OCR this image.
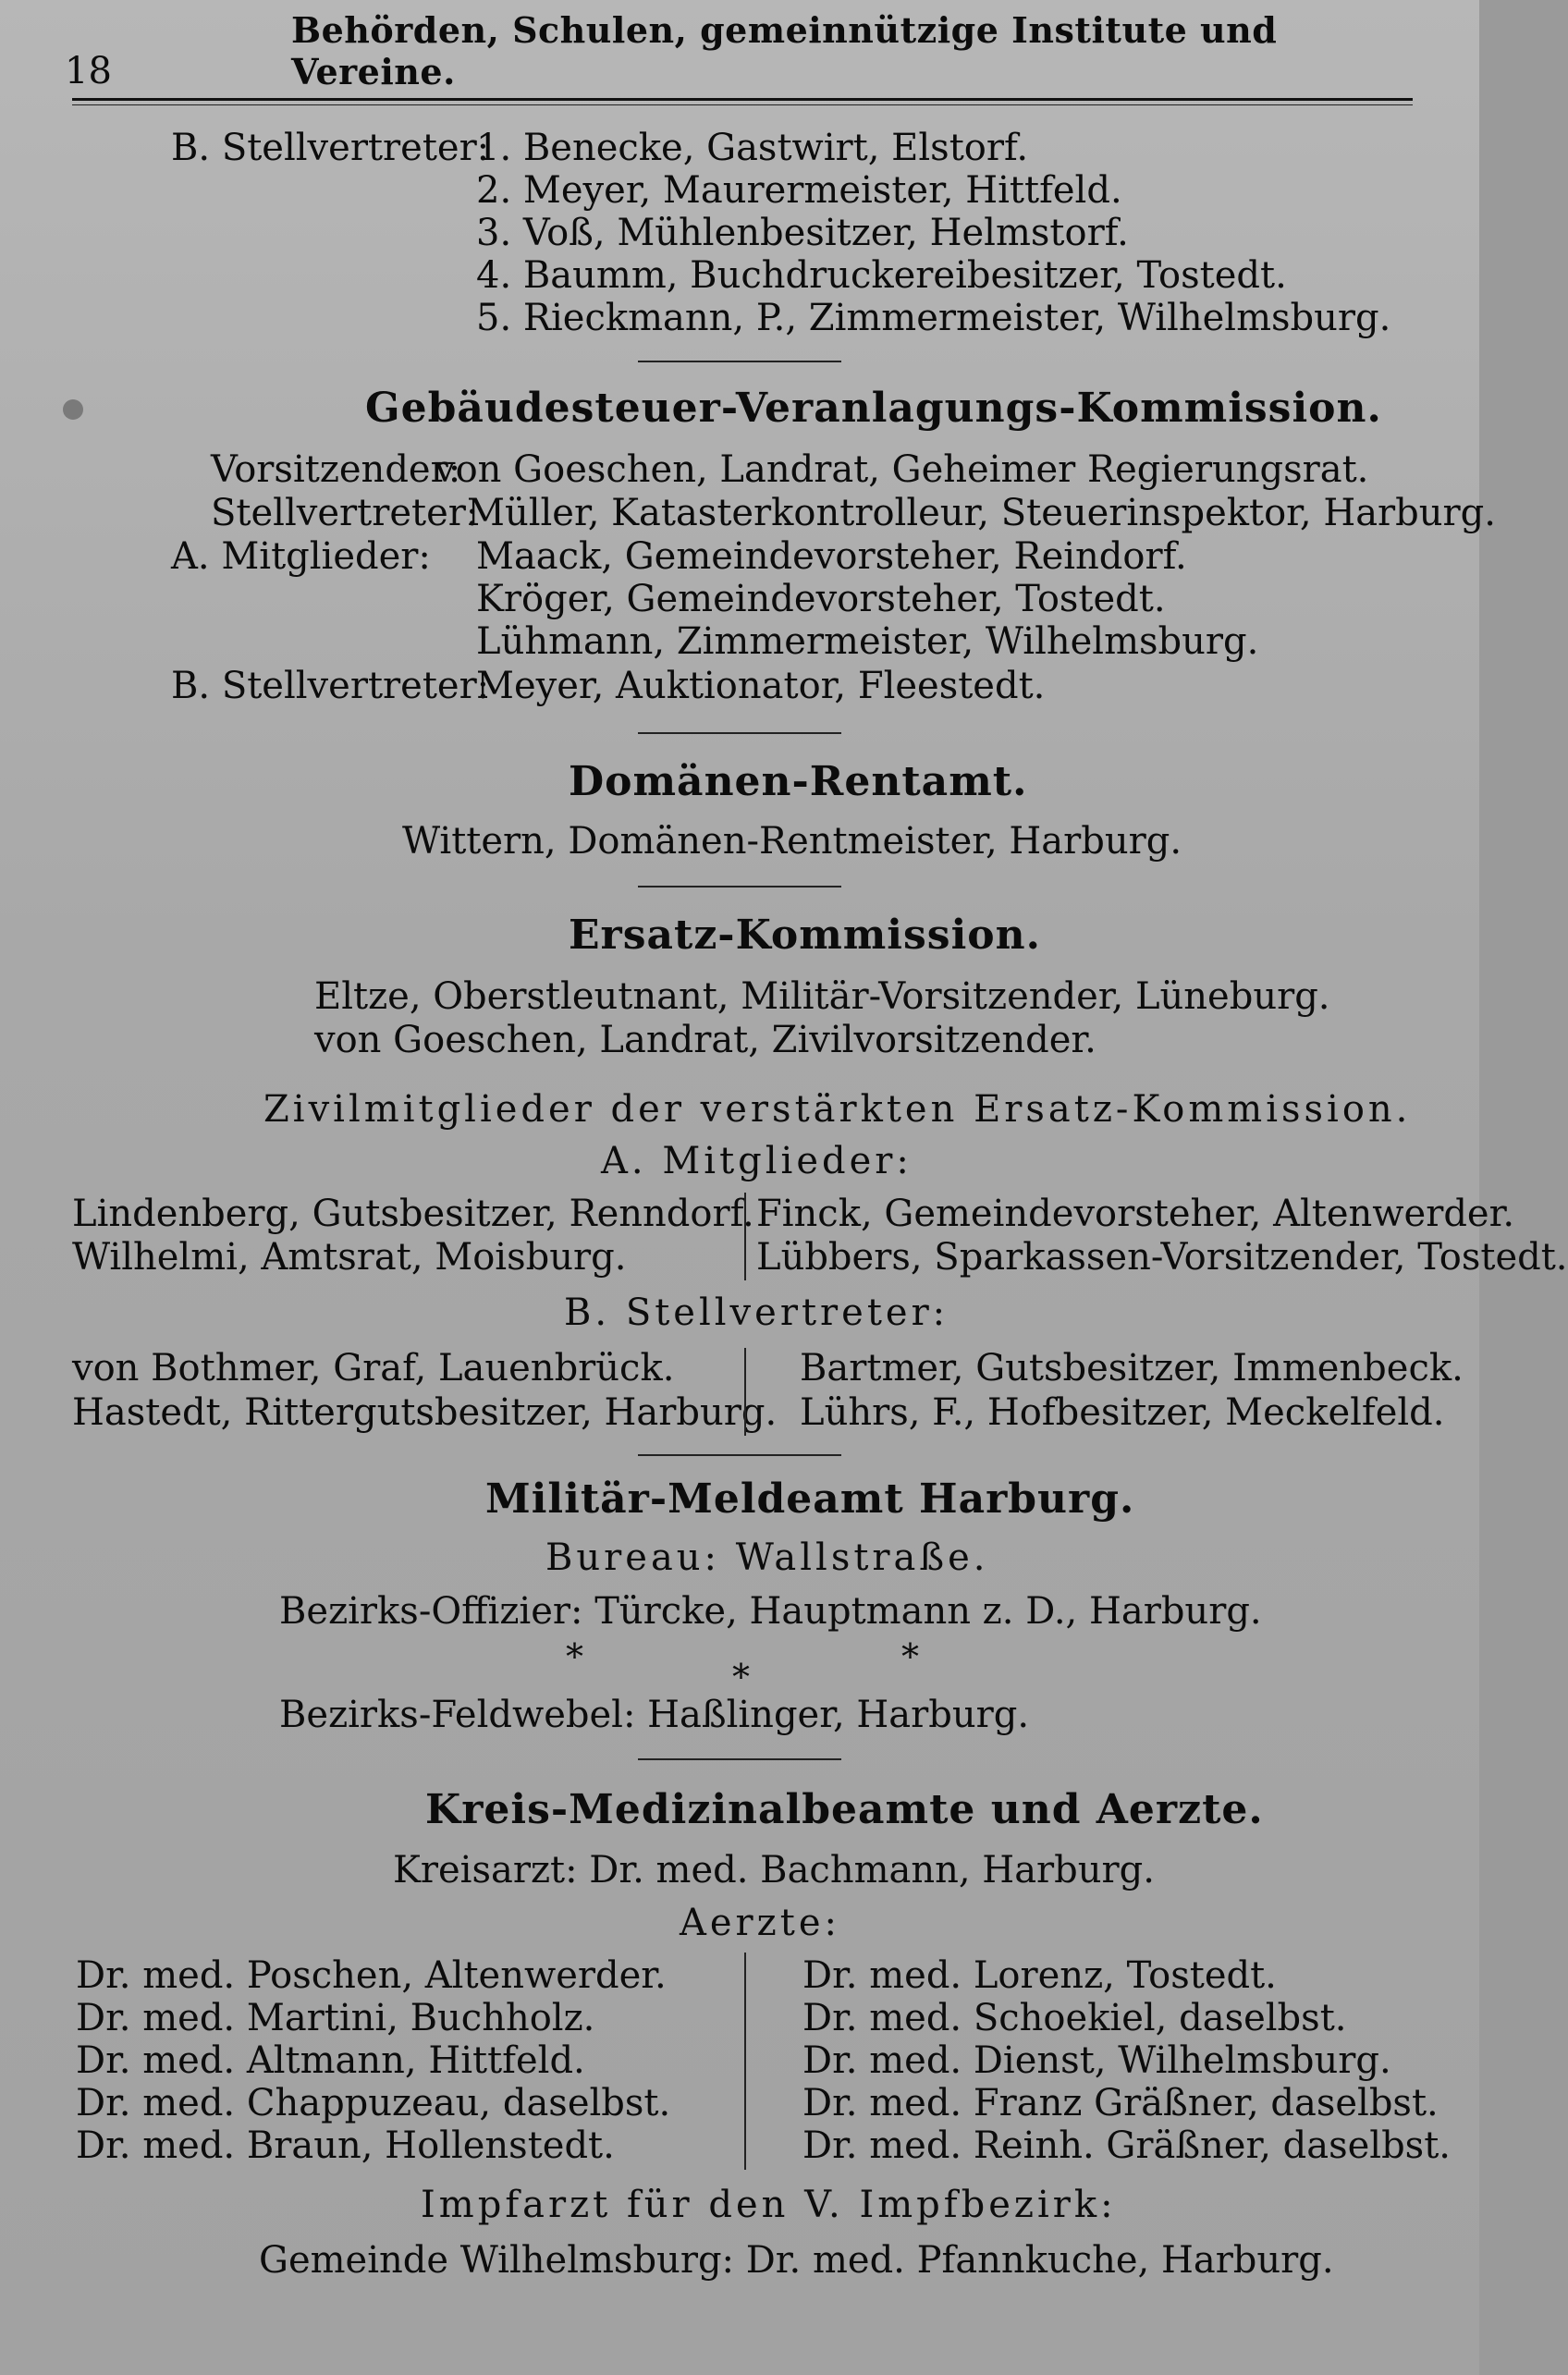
18
Behörden, Schulen, gemeinnützige Institute und Vereine.
B. Stellvertreter:
1. Benecke, Gastwirt, Elstorf.
2. Meyer, Maurermeister, Hittfeld.
3. Voß, Mühlenbesitzer, Helmstorf.
4. Baumm, Buchdruckereibesitzer, Tostedt.
5. Rieckmann, P., Zimmermeister, Wilhelmsburg.
Gebäudesteuer-Veranlagungs-Kommission.
Vorsitzender:
von Goeschen, Landrat, Geheimer Regierungsrat.
Stellvertreter:
Müller, Katasterkontrolleur, Steuerinspektor, Harburg.
A. Mitglieder: Maack, Gemeindevorsteher, Reindorf.
Kröger, Gemeindevorsteher, Tostedt.
Lühmann, Zimmermeister, Wilhelmsburg.
B. Stellvertreter:
Meyer, Auktionator, Fleestedt.
Domänen-Rentamt.
Wittern, Domänen-Rentmeister, Harburg.
Ersatz-Kommission.
Eltze, Oberstleutnant, Militär-Vorsitzender, Lüneburg.
von Goeschen, Landrat, Zivilvorsitzender.
Zivilmitglieder der verstärkten Ersatz-Kommission.
A. Mitglieder:
Lindenberg, Gutsbesitzer, Renndorf.
Wilhelmi, Amtsrat, Moisburg.
Finck, Gemeindevorsteher, Altenwerder.
Lübbers, Sparkassen-Vorsitzender, Tostedt.
B. Stellvertreter:
von Bothmer, Graf, Lauenbrück.
Hastedt, Rittergutsbesitzer, Harburg.
Bartmer, Gutsbesitzer, Immenbeck.
Lührs, F., Hofbesitzer, Meckelfeld.
Militär-Meldeamt Harburg.
Bureau: Wallstraße.
Bezirks-Offizier: Türcke, Hauptmann z. D., Harburg.
*	*
*
Bezirks-Feldwebel: Haßlinger, Harburg.
Kreis-Medizinalbeamte und Aerzte.
Kreisarzt: Dr. med. Bachmann, Harburg.
Aerzte:
Dr. med. Poschen, Altenwerder.
Dr. med. Martini, Buchholz.
Dr. med. Altmann, Hittfeld.
Dr. med. Chappuzeau, daselbst.
Dr. med. Braun, Hollenstedt.
Dr. med. Lorenz, Tostedt.
Dr. med. Schoekiel, daselbst.
Dr. med. Dienst, Wilhelmsburg.
Dr. med. Franz Gräßner, daselbst.
Dr. med. Reinh. Gräßner, daselbst.
Impfarzt für den V. Impfbezirk:
Gemeinde Wilhelmsburg: Dr. med. Pfannkuche, Harburg.
